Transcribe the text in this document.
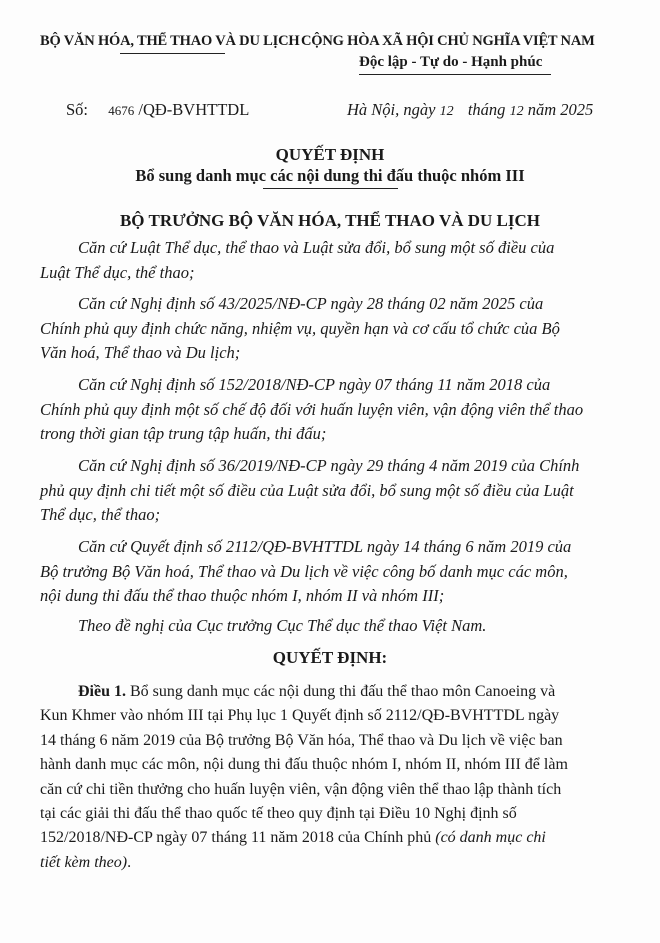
BỘ VĂN HÓA, THỂ THAO VÀ DU LỊCH CỘNG HÒA XÃ HỘI CHỦ NGHĨA VIỆT NAM
Độc lập - Tự do - Hạnh phúc
Số: 4676 /QĐ-BVHTTDL	Hà Nội, ngày 12 tháng 12 năm 2025
QUYẾT ĐỊNH
Bổ sung danh mục các nội dung thi đấu thuộc nhóm III
BỘ TRƯỞNG BỘ VĂN HÓA, THỂ THAO VÀ DU LỊCH
Căn cứ Luật Thể dục, thể thao và Luật sửa đổi, bổ sung một số điều của
Luật Thể dục, thể thao;
Căn cứ Nghị định số 43/2025/NĐ-CP ngày 28 tháng 02 năm 2025 của
Chính phủ quy định chức năng, nhiệm vụ, quyền hạn và cơ cấu tổ chức của Bộ
Văn hoá, Thể thao và Du lịch;
Căn cứ Nghị định số 152/2018/NĐ-CP ngày 07 tháng 11 năm 2018 của
Chính phủ quy định một số chế độ đối với huấn luyện viên, vận động viên thể thao
trong thời gian tập trung tập huấn, thi đấu;
Căn cứ Nghị định số 36/2019/NĐ-CP ngày 29 tháng 4 năm 2019 của Chính
phủ quy định chi tiết một số điều của Luật sửa đổi, bổ sung một số điều của Luật
Thể dục, thể thao;
Căn cứ Quyết định số 2112/QĐ-BVHTTDL ngày 14 tháng 6 năm 2019 của
Bộ trưởng Bộ Văn hoá, Thể thao và Du lịch về việc công bố danh mục các môn,
nội dung thi đấu thể thao thuộc nhóm I, nhóm II và nhóm III;
Theo đề nghị của Cục trưởng Cục Thể dục thể thao Việt Nam.
QUYẾT ĐỊNH:
Điều 1. Bổ sung danh mục các nội dung thi đấu thể thao môn Canoeing và
Kun Khmer vào nhóm III tại Phụ lục 1 Quyết định số 2112/QĐ-BVHTTDL ngày
14 tháng 6 năm 2019 của Bộ trưởng Bộ Văn hóa, Thể thao và Du lịch về việc ban
hành danh mục các môn, nội dung thi đấu thuộc nhóm I, nhóm II, nhóm III để làm
căn cứ chi tiền thưởng cho huấn luyện viên, vận động viên thể thao lập thành tích
tại các giải thi đấu thể thao quốc tế theo quy định tại Điều 10 Nghị định số
152/2018/NĐ-CP ngày 07 tháng 11 năm 2018 của Chính phủ (có danh mục chi
tiết kèm theo).
